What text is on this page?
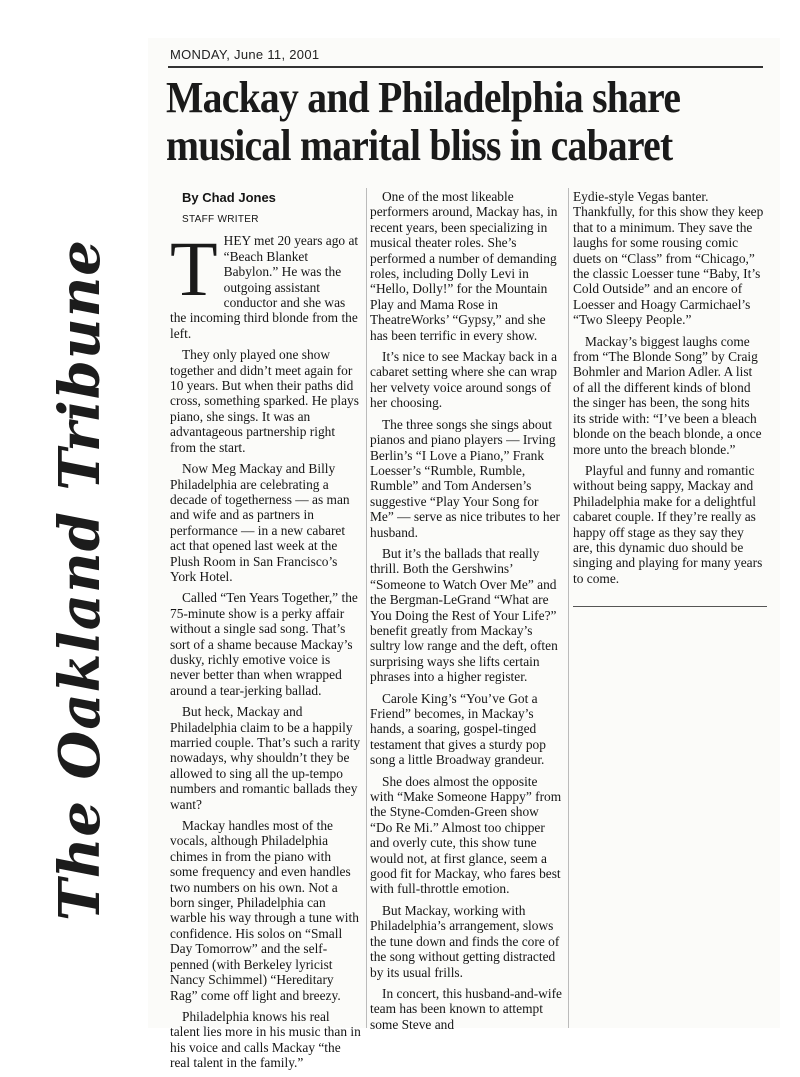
The Oakland Tribune
MONDAY, June 11, 2001
Mackay and Philadelphia share
musical marital bliss in cabaret

By Chad Jones

STAFF WRITER

THEY met 20 years ago at “Beach Blanket Babylon.” He was the outgoing assistant conductor and she was the incoming third blonde from the left.

They only played one show together and didn’t meet again for 10 years. But when their paths did cross, something sparked. He plays piano, she sings. It was an advantageous partnership right from the start.

Now Meg Mackay and Billy Philadelphia are celebrating a decade of togetherness — as man and wife and as partners in performance — in a new cabaret act that opened last week at the Plush Room in San Francisco’s York Hotel.

Called “Ten Years Together,” the 75-minute show is a perky affair without a single sad song. That’s sort of a shame because Mackay’s dusky, richly emotive voice is never better than when wrapped around a tear-jerking ballad.

But heck, Mackay and Philadelphia claim to be a happily married couple. That’s such a rarity nowadays, why shouldn’t they be allowed to sing all the up-tempo numbers and romantic ballads they want?

Mackay handles most of the vocals, although Philadelphia chimes in from the piano with some frequency and even handles two numbers on his own. Not a born singer, Philadelphia can warble his way through a tune with confidence. His solos on “Small Day Tomorrow” and the self-penned (with Berkeley lyricist Nancy Schimmel) “Hereditary Rag” come off light and breezy.

Philadelphia knows his real talent lies more in his music than in his voice and calls Mackay “the real talent in the family.”

One of the most likeable performers around, Mackay has, in recent years, been specializing in musical theater roles. She’s performed a number of demanding roles, including Dolly Levi in “Hello, Dolly!” for the Mountain Play and Mama Rose in TheatreWorks’ “Gypsy,” and she has been terrific in every show.

It’s nice to see Mackay back in a cabaret setting where she can wrap her velvety voice around songs of her choosing.

The three songs she sings about pianos and piano players — Irving Berlin’s “I Love a Piano,” Frank Loesser’s “Rumble, Rumble, Rumble” and Tom Andersen’s suggestive “Play Your Song for Me” — serve as nice tributes to her husband.

But it’s the ballads that really thrill. Both the Gershwins’ “Someone to Watch Over Me” and the Bergman-LeGrand “What are You Doing the Rest of Your Life?” benefit greatly from Mackay’s sultry low range and the deft, often surprising ways she lifts certain phrases into a higher register.

Carole King’s “You’ve Got a Friend” becomes, in Mackay’s hands, a soaring, gospel-tinged testament that gives a sturdy pop song a little Broadway grandeur.

She does almost the opposite with “Make Someone Happy” from the Styne-Comden-Green show “Do Re Mi.” Almost too chipper and overly cute, this show tune would not, at first glance, seem a good fit for Mackay, who fares best with full-throttle emotion.

But Mackay, working with Philadelphia’s arrangement, slows the tune down and finds the core of the song without getting distracted by its usual frills.

In concert, this husband-and-wife team has been known to attempt some Steve and

Eydie-style Vegas banter. Thankfully, for this show they keep that to a minimum. They save the laughs for some rousing comic duets on “Class” from “Chicago,” the classic Loesser tune “Baby, It’s Cold Outside” and an encore of Loesser and Hoagy Carmichael’s “Two Sleepy People.”

Mackay’s biggest laughs come from “The Blonde Song” by Craig Bohmler and Marion Adler. A list of all the different kinds of blond the singer has been, the song hits its stride with: “I’ve been a bleach blonde on the beach blonde, a once more unto the breach blonde.”

Playful and funny and romantic without being sappy, Mackay and Philadelphia make for a delightful cabaret couple. If they’re really as happy off stage as they say they are, this dynamic duo should be singing and playing for many years to come.
